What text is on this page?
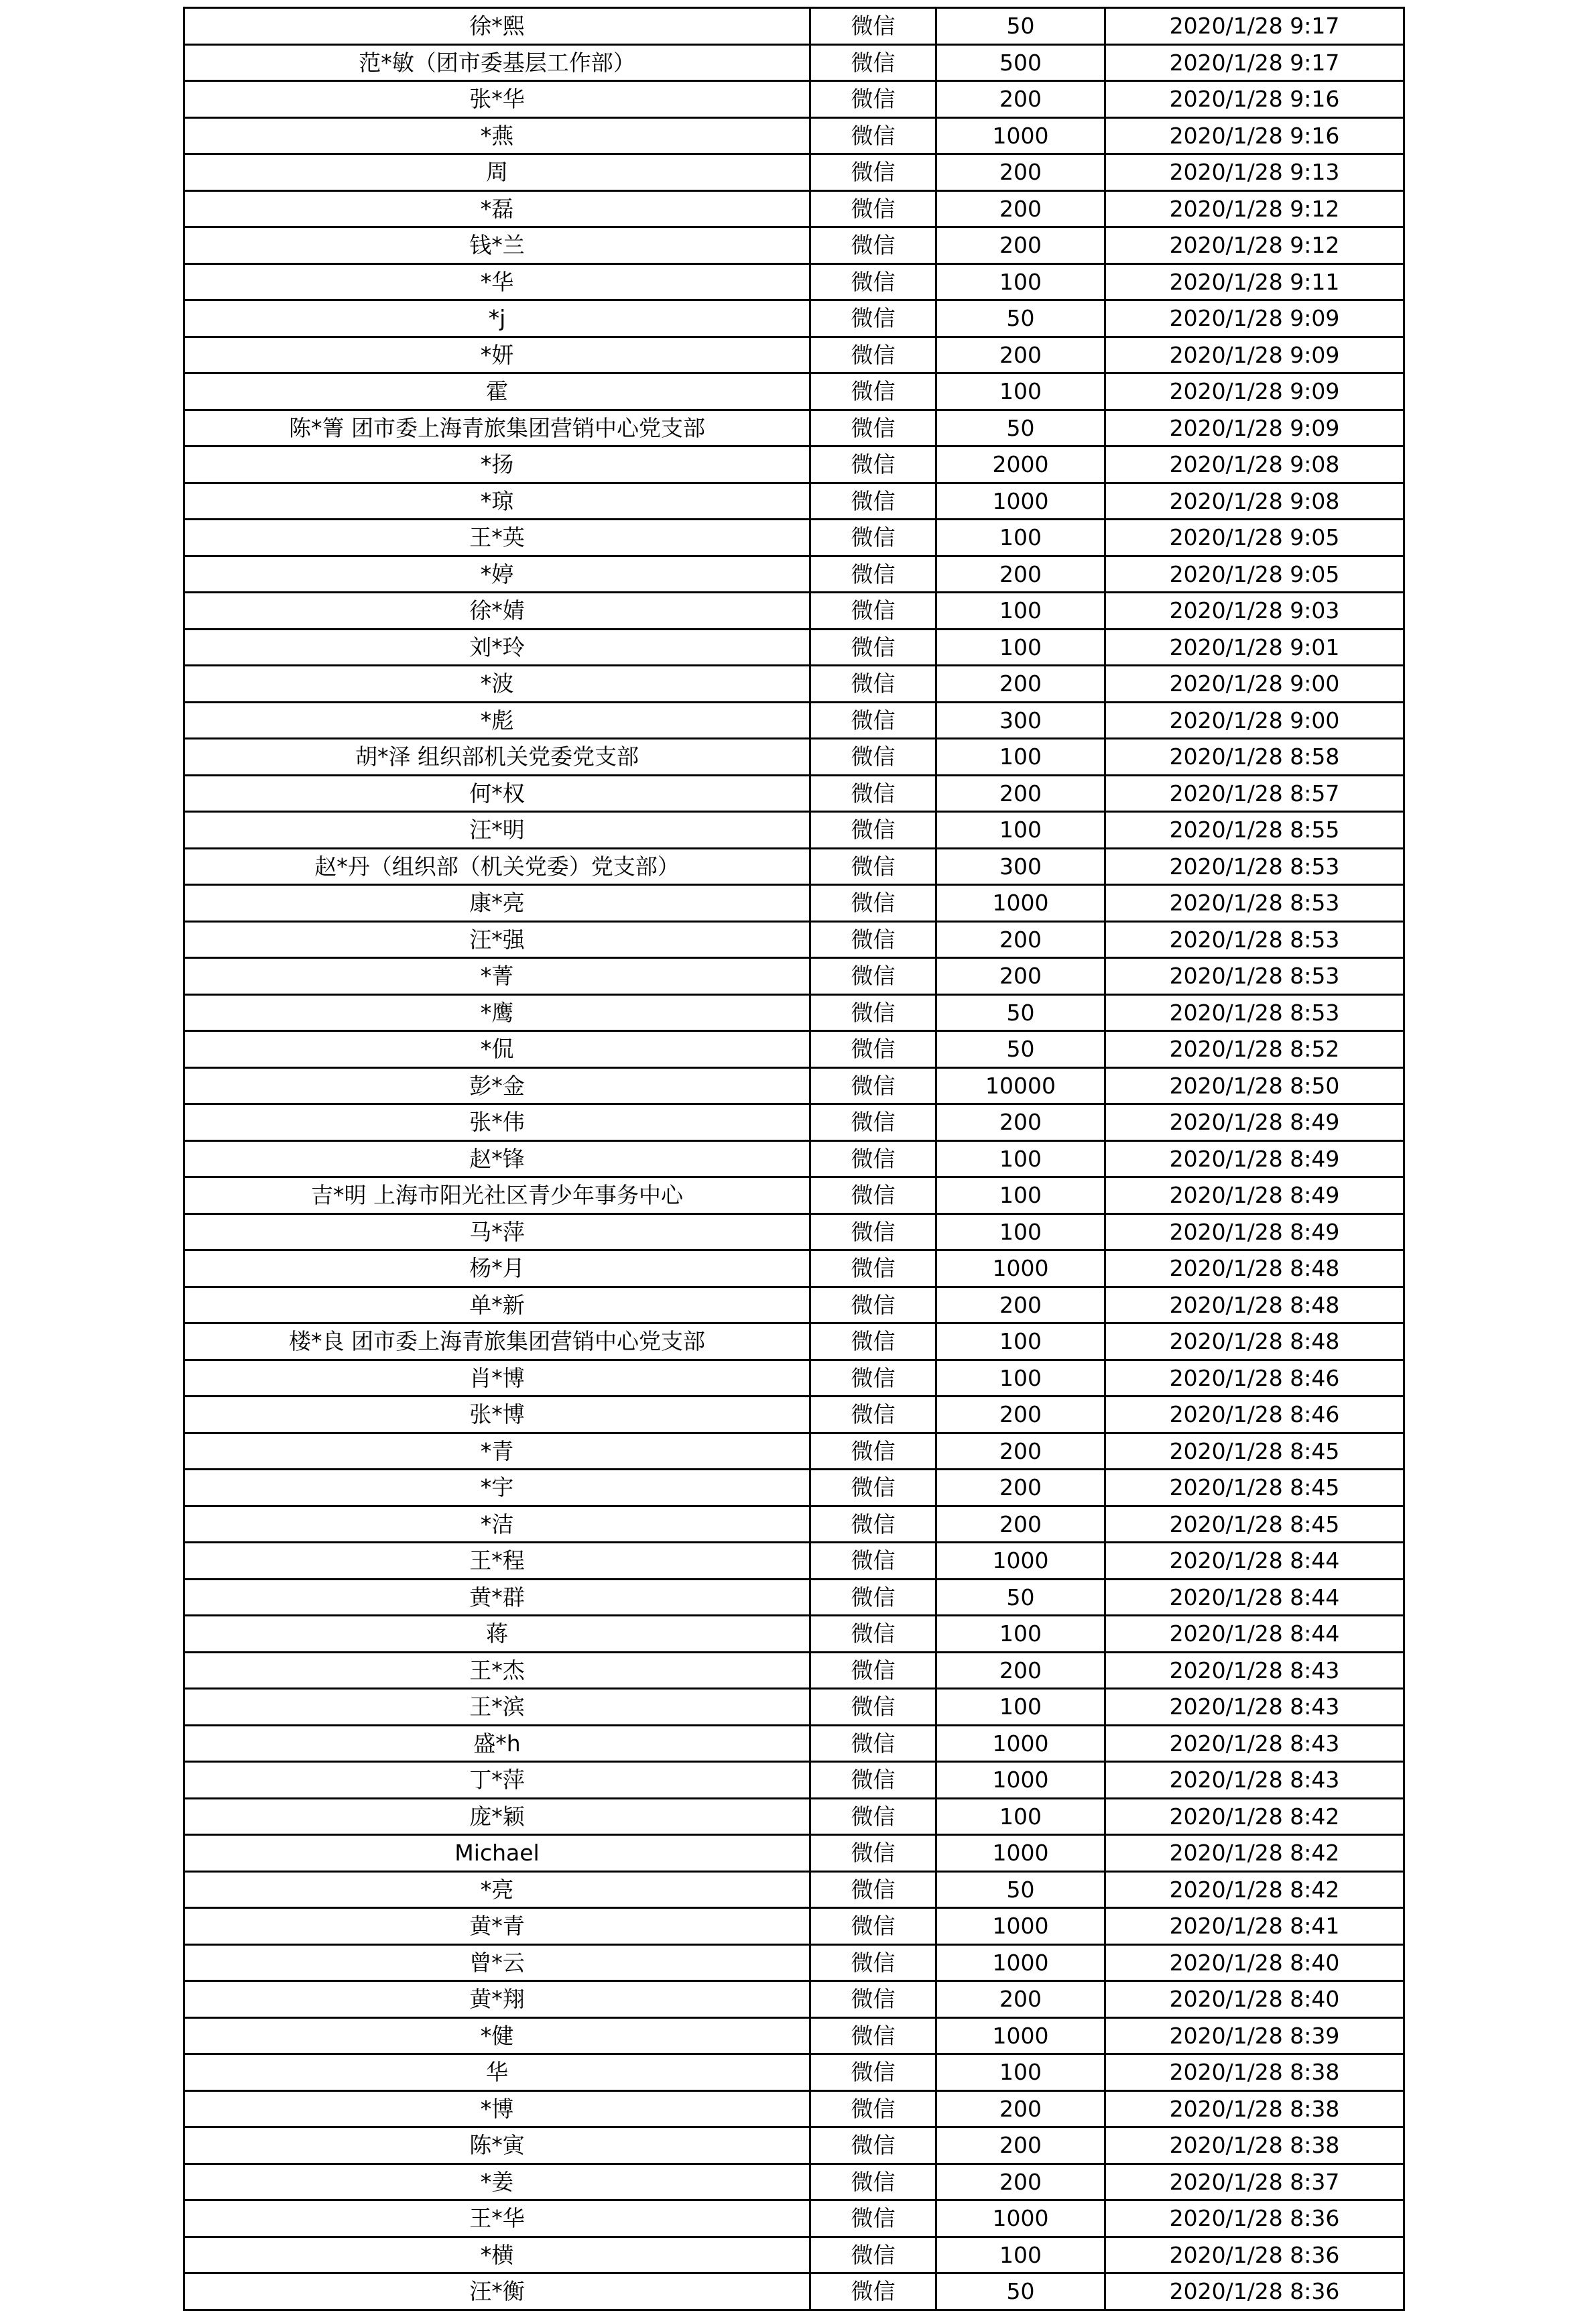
徐*熙	微信	50	2020/1/28 9:17
范*敏（团市委基层工作部）	微信	500	2020/1/28 9:17
张*华	微信	200	2020/1/28 9:16
*燕	微信	1000	2020/1/28 9:16
周	微信	200	2020/1/28 9:13
*磊	微信	200	2020/1/28 9:12
钱*兰	微信	200	2020/1/28 9:12
*华	微信	100	2020/1/28 9:11
*j	微信	50	2020/1/28 9:09
*妍	微信	200	2020/1/28 9:09
霍	微信	100	2020/1/28 9:09
陈*箐 团市委上海青旅集团营销中心党支部	微信	50	2020/1/28 9:09
*扬	微信	2000	2020/1/28 9:08
*琼	微信	1000	2020/1/28 9:08
王*英	微信	100	2020/1/28 9:05
*婷	微信	200	2020/1/28 9:05
徐*婧	微信	100	2020/1/28 9:03
刘*玲	微信	100	2020/1/28 9:01
*波	微信	200	2020/1/28 9:00
*彪	微信	300	2020/1/28 9:00
胡*泽 组织部机关党委党支部	微信	100	2020/1/28 8:58
何*权	微信	200	2020/1/28 8:57
汪*明	微信	100	2020/1/28 8:55
赵*丹（组织部（机关党委）党支部）	微信	300	2020/1/28 8:53
康*亮	微信	1000	2020/1/28 8:53
汪*强	微信	200	2020/1/28 8:53
*菁	微信	200	2020/1/28 8:53
*鹰	微信	50	2020/1/28 8:53
*侃	微信	50	2020/1/28 8:52
彭*金	微信	10000	2020/1/28 8:50
张*伟	微信	200	2020/1/28 8:49
赵*锋	微信	100	2020/1/28 8:49
吉*明 上海市阳光社区青少年事务中心	微信	100	2020/1/28 8:49
马*萍	微信	100	2020/1/28 8:49
杨*月	微信	1000	2020/1/28 8:48
单*新	微信	200	2020/1/28 8:48
楼*良 团市委上海青旅集团营销中心党支部	微信	100	2020/1/28 8:48
肖*博	微信	100	2020/1/28 8:46
张*博	微信	200	2020/1/28 8:46
*青	微信	200	2020/1/28 8:45
*宇	微信	200	2020/1/28 8:45
*洁	微信	200	2020/1/28 8:45
王*程	微信	1000	2020/1/28 8:44
黄*群	微信	50	2020/1/28 8:44
蒋	微信	100	2020/1/28 8:44
王*杰	微信	200	2020/1/28 8:43
王*滨	微信	100	2020/1/28 8:43
盛*h	微信	1000	2020/1/28 8:43
丁*萍	微信	1000	2020/1/28 8:43
庞*颖	微信	100	2020/1/28 8:42
Michael	微信	1000	2020/1/28 8:42
*亮	微信	50	2020/1/28 8:42
黄*青	微信	1000	2020/1/28 8:41
曾*云	微信	1000	2020/1/28 8:40
黄*翔	微信	200	2020/1/28 8:40
*健	微信	1000	2020/1/28 8:39
华	微信	100	2020/1/28 8:38
*博	微信	200	2020/1/28 8:38
陈*寅	微信	200	2020/1/28 8:38
*姜	微信	200	2020/1/28 8:37
王*华	微信	1000	2020/1/28 8:36
*横	微信	100	2020/1/28 8:36
汪*衡	微信	50	2020/1/28 8:36
